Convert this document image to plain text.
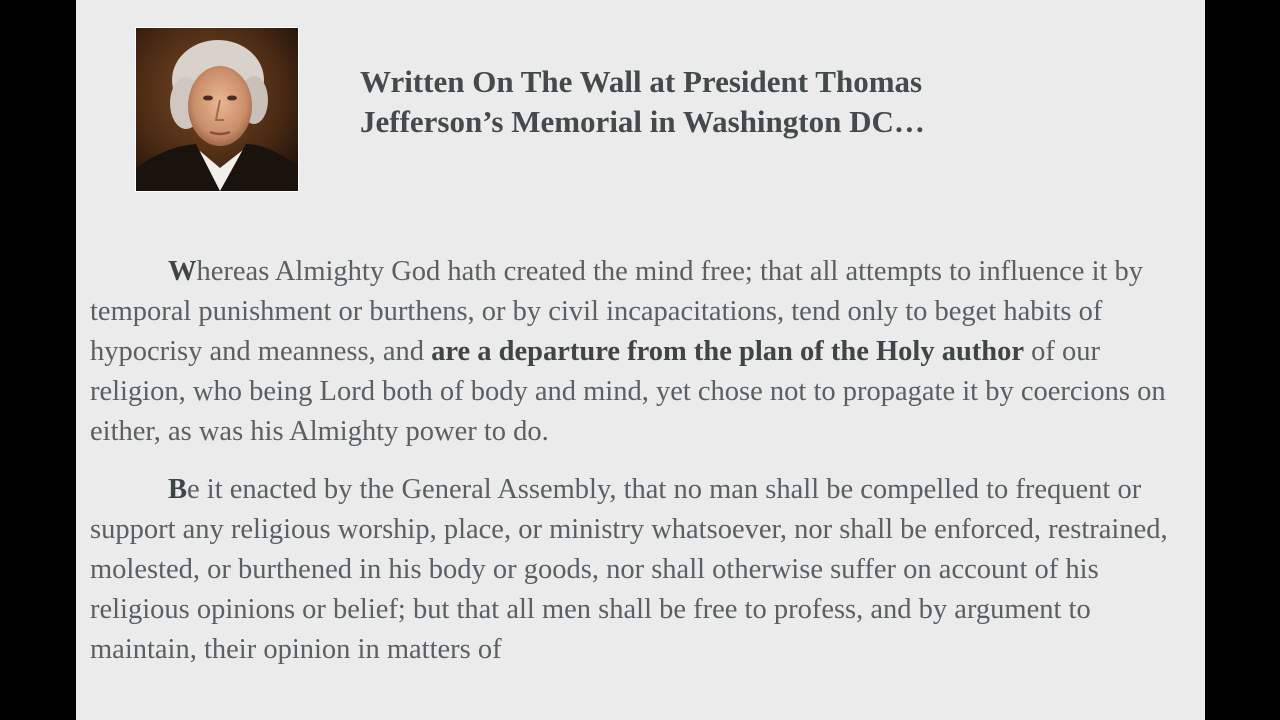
Written On The Wall at President Thomas
Jefferson’s Memorial in Washington DC…

Whereas Almighty God hath created the mind free; that all attempts to influence it by temporal punishment or burthens, or by civil incapacitations, tend only to beget habits of hypocrisy and meanness, and are a departure from the plan of the Holy author of our religion, who being Lord both of body and mind, yet chose not to propagate it by coercions on either, as was his Almighty power to do.

Be it enacted by the General Assembly, that no man shall be compelled to frequent or support any religious worship, place, or ministry whatsoever, nor shall be enforced, restrained, molested, or burthened in his body or goods, nor shall otherwise suffer on account of his religious opinions or belief; but that all men shall be free to profess, and by argument to maintain, their opinion in matters of
